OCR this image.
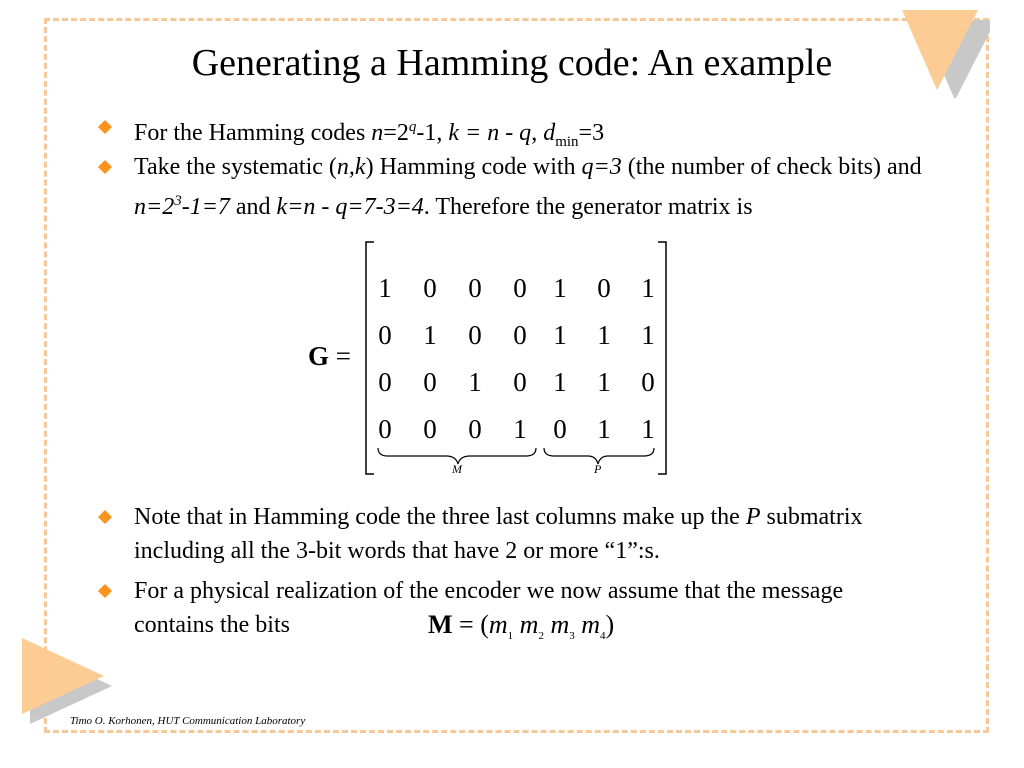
Generating a Hamming code: An example
For the Hamming codes $n=2^q-1$, k = n - q, $d_{min}=3$
Take the systematic (n,k) Hamming code with q=3 (the number of check bits) and $n=2^3-1=7$ and k=n - q=7-3=4. Therefore the generator matrix is
G =
M	P
1	0	0	0 1	0	1
0	1	0	0 1	1	1
0	0	1	0 1	1	0
0	0	0	1 0	1	1
Note that in Hamming code the three last columns make up the P submatrix including all the 3-bit words that have 2 or more “1”:s.
For a physical realization of the encoder we now assume that the message contains the bits	$M = (m_1$ $m_2$ $m_3$ $m_4$)
Timo O. Korhonen, HUT Communication Laboratory
